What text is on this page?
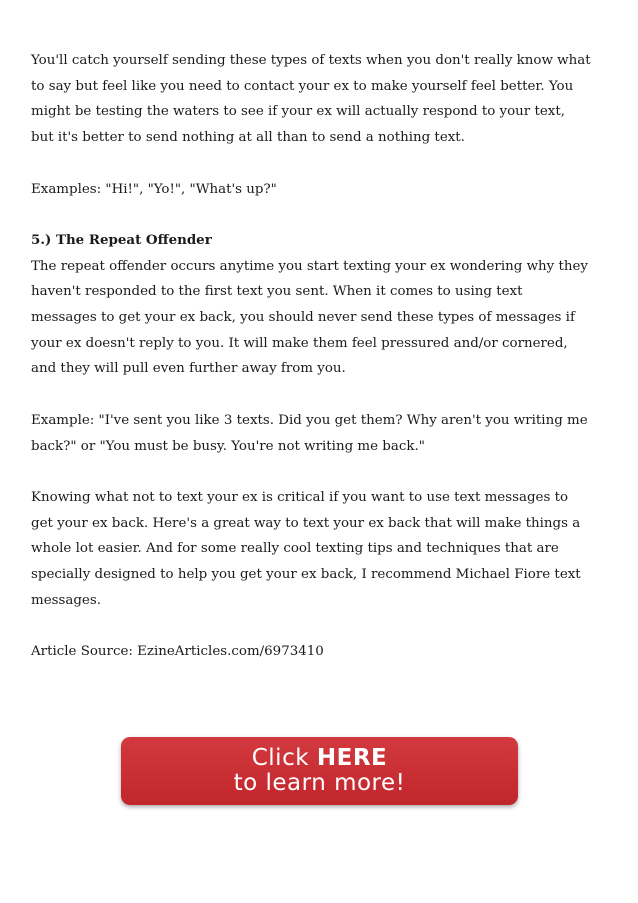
You'll catch yourself sending these types of texts when you don't really know what to say but feel like you need to contact your ex to make yourself feel better. You might be testing the waters to see if your ex will actually respond to your text, but it's better to send nothing at all than to send a nothing text.

Examples: "Hi!", "Yo!", "What's up?"

5.) The Repeat Offender
The repeat offender occurs anytime you start texting your ex wondering why they haven't responded to the first text you sent. When it comes to using text messages to get your ex back, you should never send these types of messages if your ex doesn't reply to you. It will make them feel pressured and/or cornered, and they will pull even further away from you.

Example: "I've sent you like 3 texts. Did you get them? Why aren't you writing me back?" or "You must be busy. You're not writing me back."

Knowing what not to text your ex is critical if you want to use text messages to get your ex back. Here's a great way to text your ex back that will make things a whole lot easier. And for some really cool texting tips and techniques that are specially designed to help you get your ex back, I recommend Michael Fiore text messages.

Article Source: EzineArticles.com/6973410

Click HERE
to learn more!
